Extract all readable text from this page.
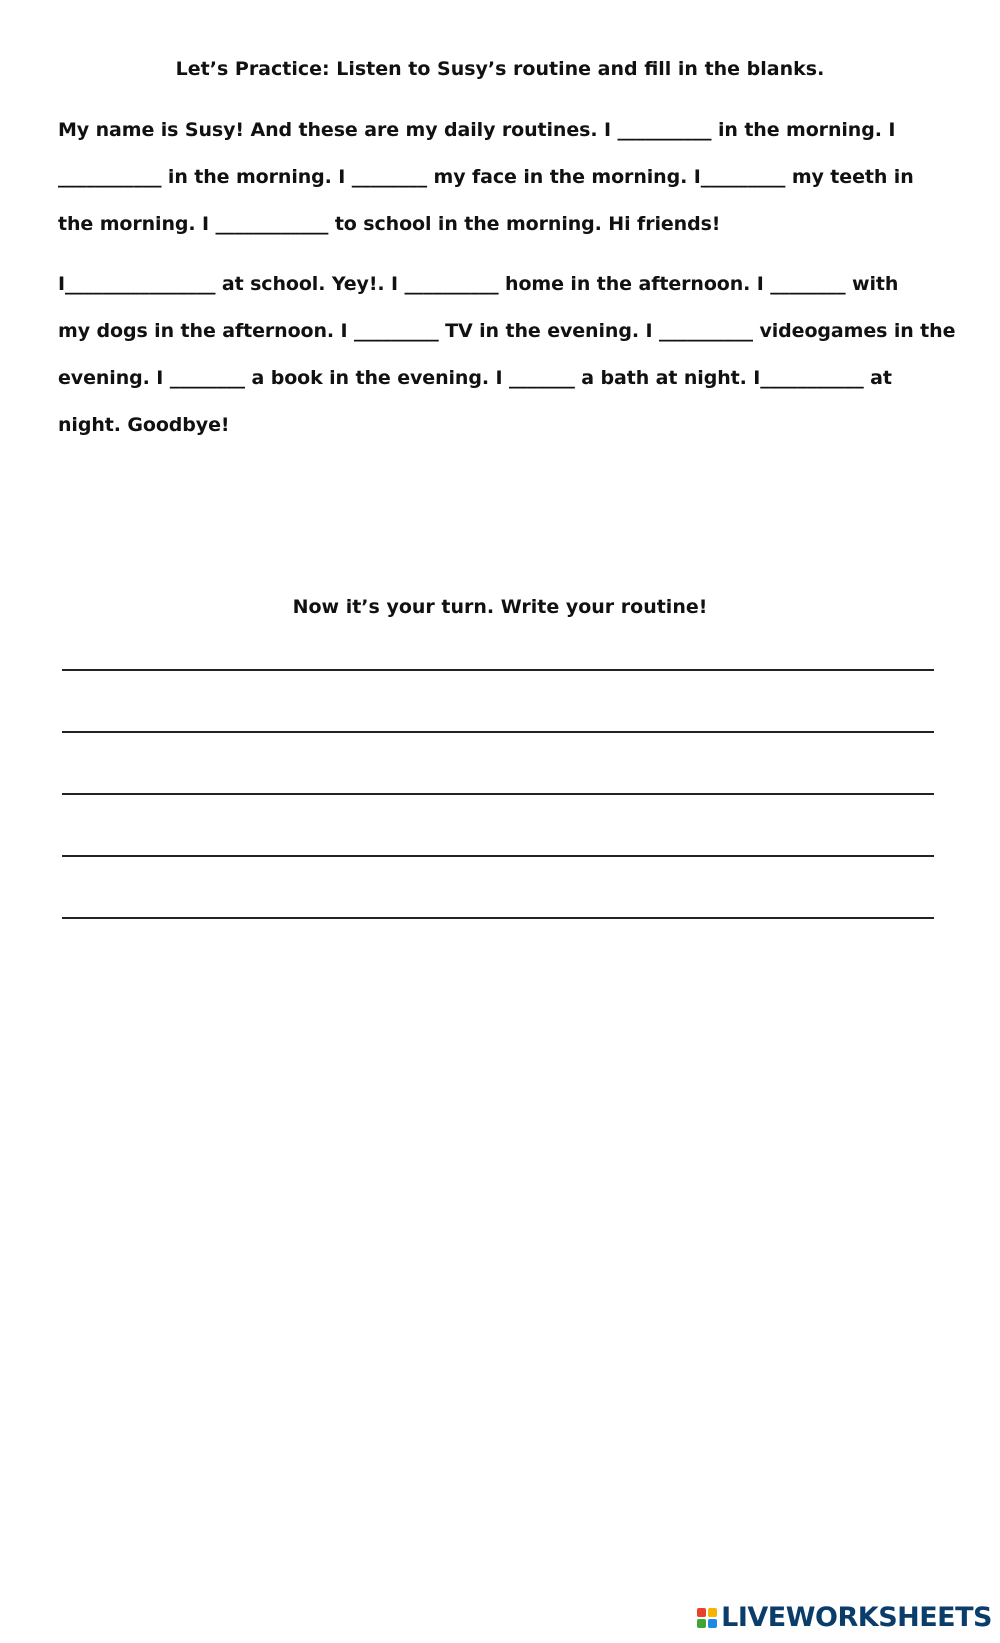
Let’s Practice: Listen to Susy’s routine and fill in the blanks.

My name is Susy! And these are my daily routines. I __________ in the morning. I
___________ in the morning. I ________ my face in the morning. I_________ my teeth in
the morning. I ____________ to school in the morning. Hi friends!

I________________ at school. Yey!. I __________ home in the afternoon. I ________ with
my dogs in the afternoon. I _________ TV in the evening. I __________ videogames in the
evening. I ________ a book in the evening. I _______ a bath at night. I___________ at
night. Goodbye!

Now it’s your turn. Write your routine!
LIVEWORKSHEETS
